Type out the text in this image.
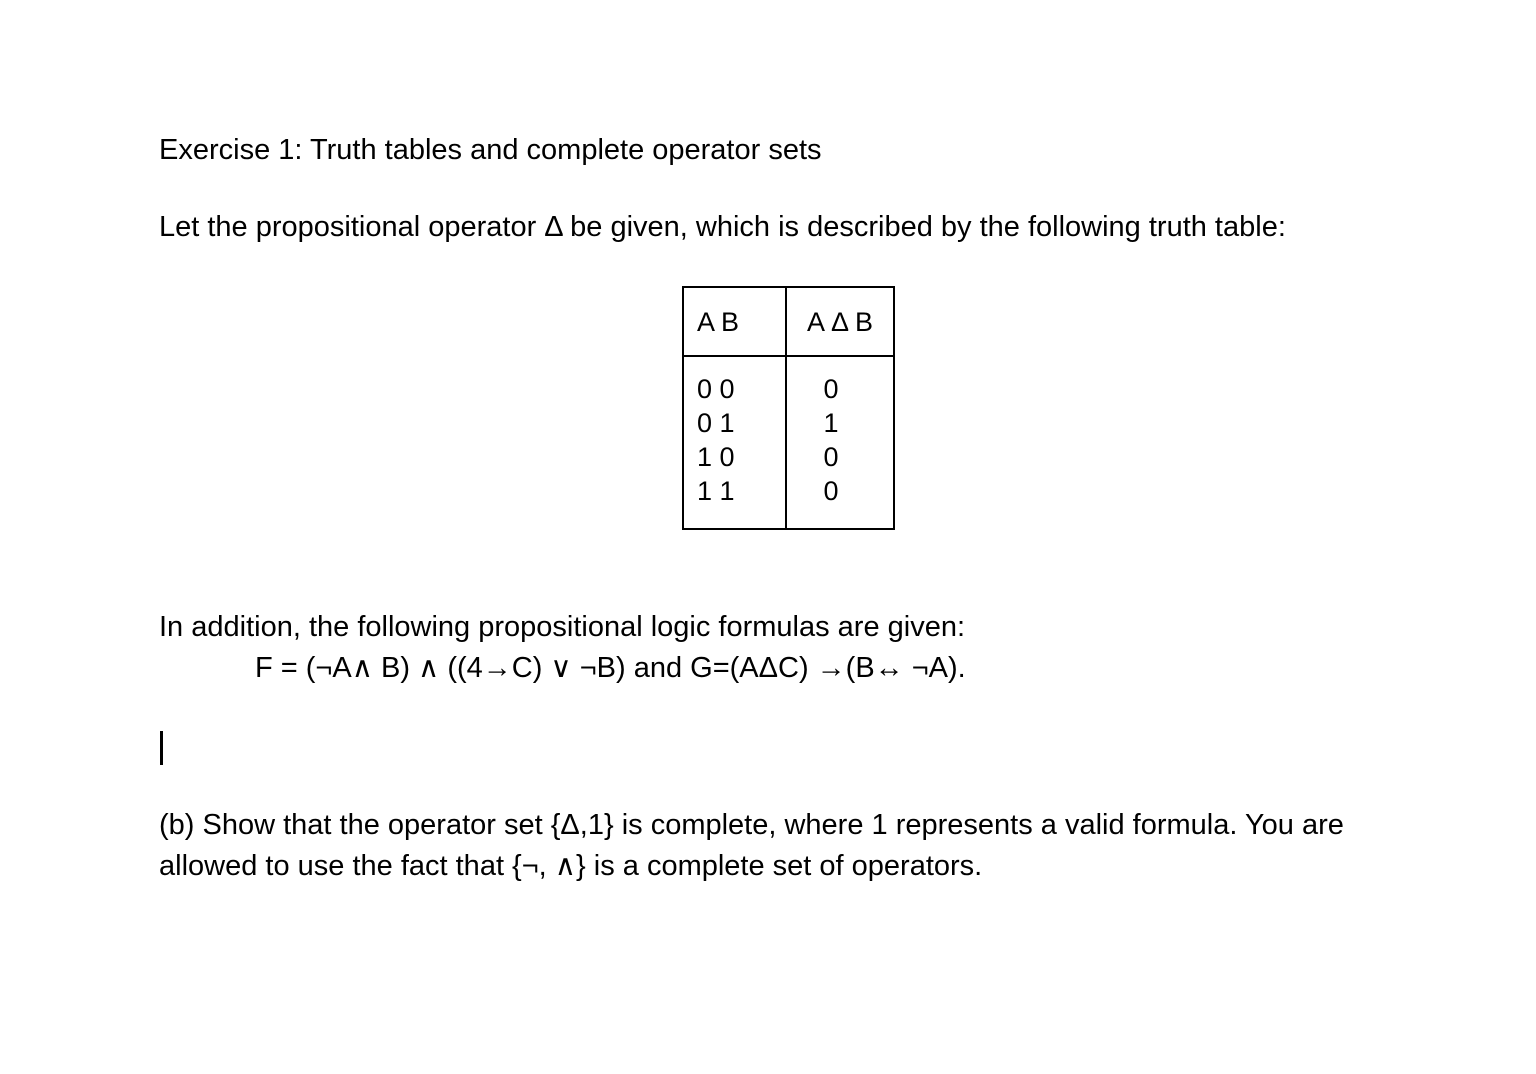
Exercise 1: Truth tables and complete operator sets
Let the propositional operator Δ be given, which is described by the following truth table:
A B	A Δ B
0 0	0
0 1	1
1 0	0
1 1	0
In addition, the following propositional logic formulas are given:
F = (¬A∧ B) ∧ ((4→C) ∨ ¬B) and G=(AΔC) →(B↔ ¬A).
(b) Show that the operator set {Δ,1} is complete, where 1 represents a valid formula. You are
allowed to use the fact that {¬, ∧} is a complete set of operators.
